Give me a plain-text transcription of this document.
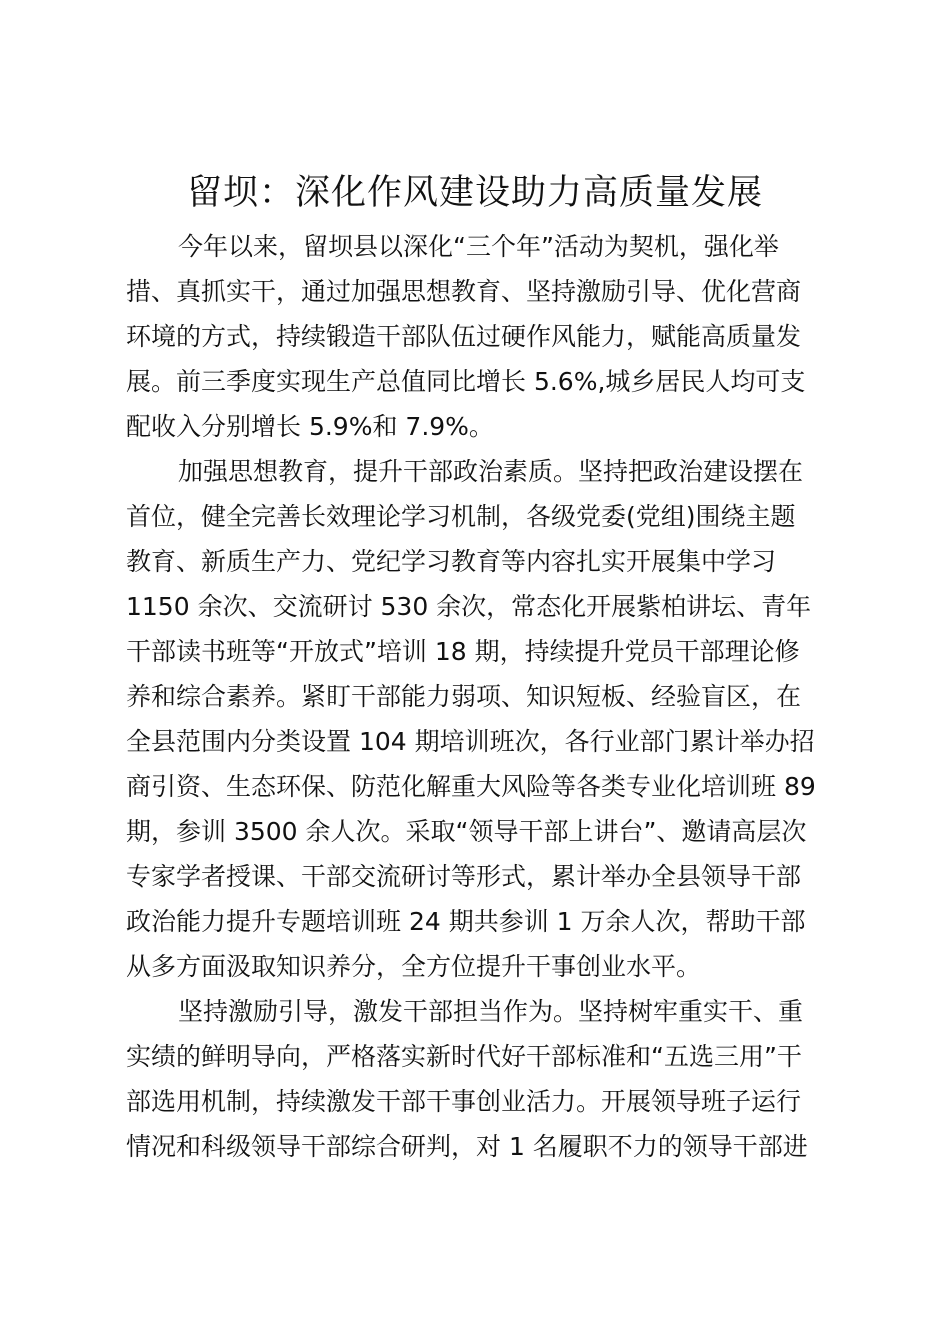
留坝：深化作风建设助力高质量发展
今年以来，留坝县以深化“三个年”活动为契机，强化举
措、真抓实干，通过加强思想教育、坚持激励引导、优化营商
环境的方式，持续锻造干部队伍过硬作风能力，赋能高质量发
展。前三季度实现生产总值同比增长 5.6%,城乡居民人均可支
配收入分别增长 5.9%和 7.9%。
加强思想教育，提升干部政治素质。坚持把政治建设摆在
首位，健全完善长效理论学习机制，各级党委(党组)围绕主题
教育、新质生产力、党纪学习教育等内容扎实开展集中学习
1150 余次、交流研讨 530 余次，常态化开展紫柏讲坛、青年
干部读书班等“开放式”培训 18 期，持续提升党员干部理论修
养和综合素养。紧盯干部能力弱项、知识短板、经验盲区，在
全县范围内分类设置 104 期培训班次，各行业部门累计举办招
商引资、生态环保、防范化解重大风险等各类专业化培训班 89
期，参训 3500 余人次。采取“领导干部上讲台”、邀请高层次
专家学者授课、干部交流研讨等形式，累计举办全县领导干部
政治能力提升专题培训班 24 期共参训 1 万余人次，帮助干部
从多方面汲取知识养分，全方位提升干事创业水平。
坚持激励引导，激发干部担当作为。坚持树牢重实干、重
实绩的鲜明导向，严格落实新时代好干部标准和“五选三用”干
部选用机制，持续激发干部干事创业活力。开展领导班子运行
情况和科级领导干部综合研判，对 1 名履职不力的领导干部进
